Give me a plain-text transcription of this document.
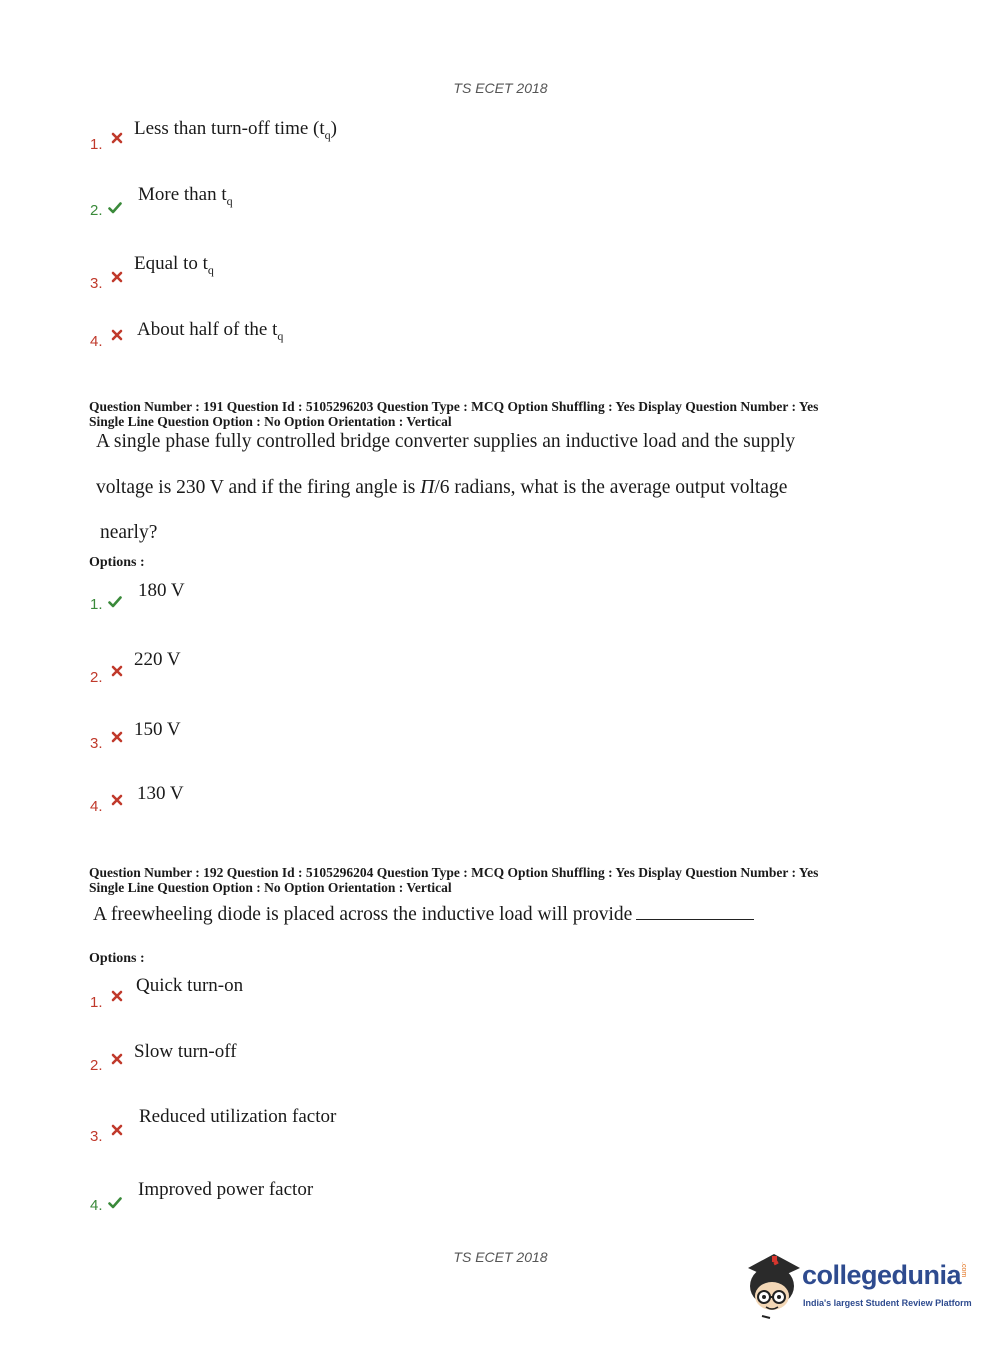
TS ECET 2018
1.
Less than turn-off time $(t_q)$
2.
More than $t_q$
3.
Equal to $t_q$
4.
About half of the $t_q$
Question Number : 191 Question Id : 5105296203 Question Type : MCQ Option Shuffling : Yes Display Question Number : Yes
Single Line Question Option : No Option Orientation : Vertical
A single phase fully controlled bridge converter supplies an inductive load and the supply
voltage is 230 V and if the firing angle is Π/6 radians, what is the average output voltage
nearly?
Options :
1.
180 V
2.
220 V
3.
150 V
4.
130 V
Question Number : 192 Question Id : 5105296204 Question Type : MCQ Option Shuffling : Yes Display Question Number : Yes
Single Line Question Option : No Option Orientation : Vertical
A freewheeling diode is placed across the inductive load will provide
Options :
1.
Quick turn-on
2.
Slow turn-off
3.
Reduced utilization factor
4.
Improved power factor
TS ECET 2018
collegedunia
.com
India's largest Student Review Platform
